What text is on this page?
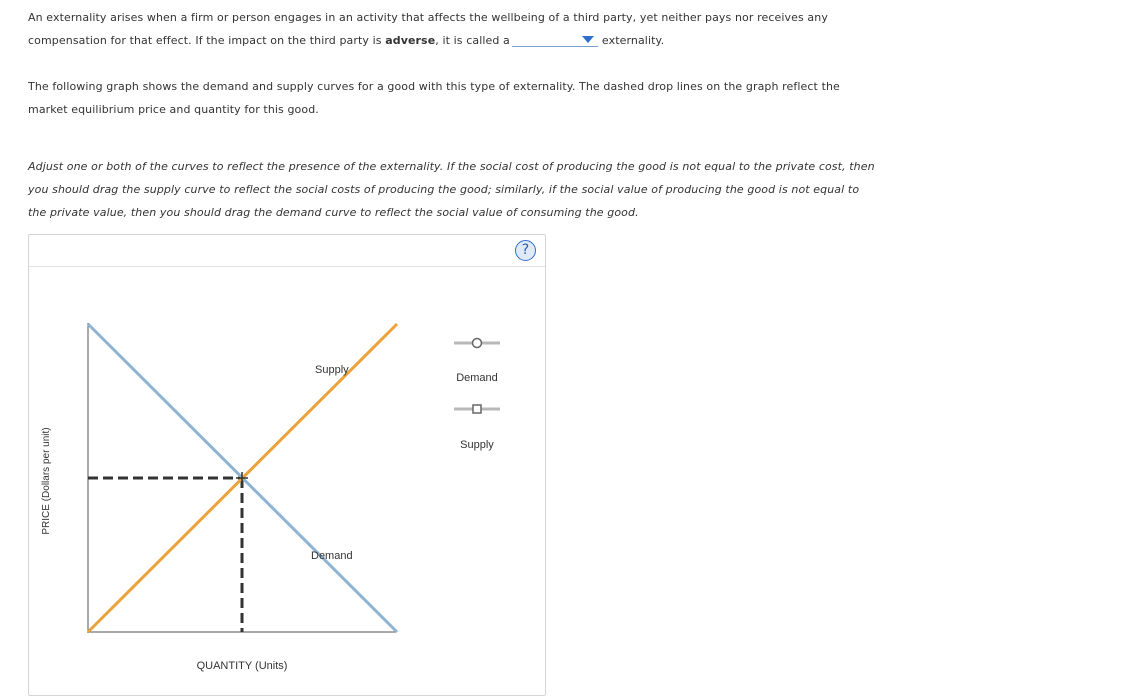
An externality arises when a firm or person engages in an activity that affects the wellbeing of a third party, yet neither pays nor receives any
compensation for that effect. If the impact on the third party is adverse, it is called a	externality.
The following graph shows the demand and supply curves for a good with this type of externality. The dashed drop lines on the graph reflect the
market equilibrium price and quantity for this good.
Adjust one or both of the curves to reflect the presence of the externality. If the social cost of producing the good is not equal to the private cost, then
you should drag the supply curve to reflect the social costs of producing the good; similarly, if the social value of producing the good is not equal to
the private value, then you should drag the demand curve to reflect the social value of consuming the good.
?
Supply
Demand
QUANTITY (Units)
PRICE (Dollars per unit)
Demand
Supply
